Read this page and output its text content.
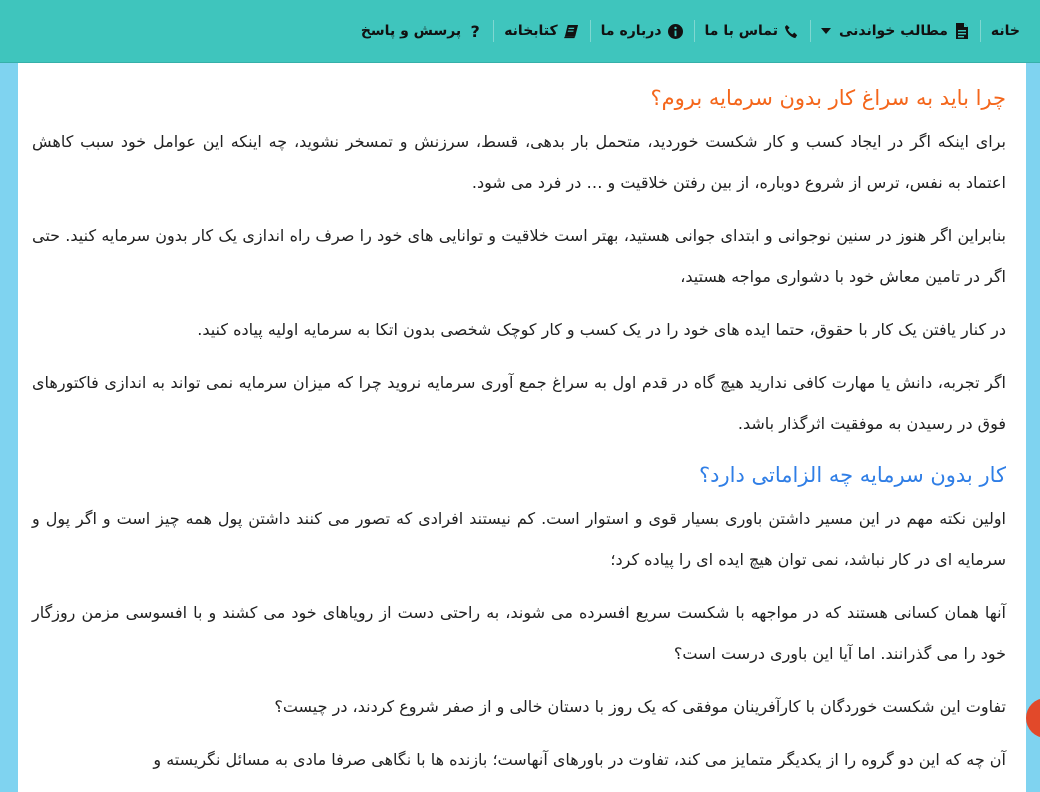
خانه
مطالب خواندنی
تماس با ما
درباره ما
کتابخانه
?
پرسش و پاسخ
چرا باید به سراغ کار بدون سرمایه بروم؟

برای اینکه اگر در ایجاد کسب و کار شکست خوردید، متحمل بار بدهی، قسط، سرزنش و تمسخر نشوید، چه اینکه این عوامل خود سبب کاهش اعتماد به نفس، ترس از شروع دوباره، از بین رفتن خلاقیت و … در فرد می شود.

بنابراین اگر هنوز در سنین نوجوانی و ابتدای جوانی هستید، بهتر است خلاقیت و توانایی های خود را صرف راه اندازی یک کار بدون سرمایه کنید. حتی اگر در تامین معاش خود با دشواری مواجه هستید،

در کنار یافتن یک کار با حقوق، حتما ایده های خود را در یک کسب و کار کوچک شخصی بدون اتکا به سرمایه اولیه پیاده کنید.

اگر تجربه، دانش یا مهارت کافی ندارید هیچ گاه در قدم اول به سراغ جمع آوری سرمایه نروید چرا که میزان سرمایه نمی تواند به اندازی فاکتورهای فوق در رسیدن به موفقیت اثرگذار باشد.

کار بدون سرمایه چه الزاماتی دارد؟

اولین نکته مهم در این مسیر داشتن باوری بسیار قوی و استوار است. کم نیستند افرادی که تصور می کنند داشتن پول همه چیز است و اگر پول و سرمایه ای در کار نباشد، نمی توان هیچ ایده ای را پیاده کرد؛

آنها همان کسانی هستند که در مواجهه با شکست سریع افسرده می شوند، به راحتی دست از رویاهای خود می کشند و با افسوسی مزمن روزگار خود را می گذرانند. اما آیا این باوری درست است؟

تفاوت این شکست خوردگان با کارآفرینان موفقی که یک روز با دستان خالی و از صفر شروع کردند، در چیست؟

آن چه که این دو گروه را از یکدیگر متمایز می کند، تفاوت در باورهای آنهاست؛ بازنده ها با نگاهی صرفا مادی به مسائل نگریسته و
